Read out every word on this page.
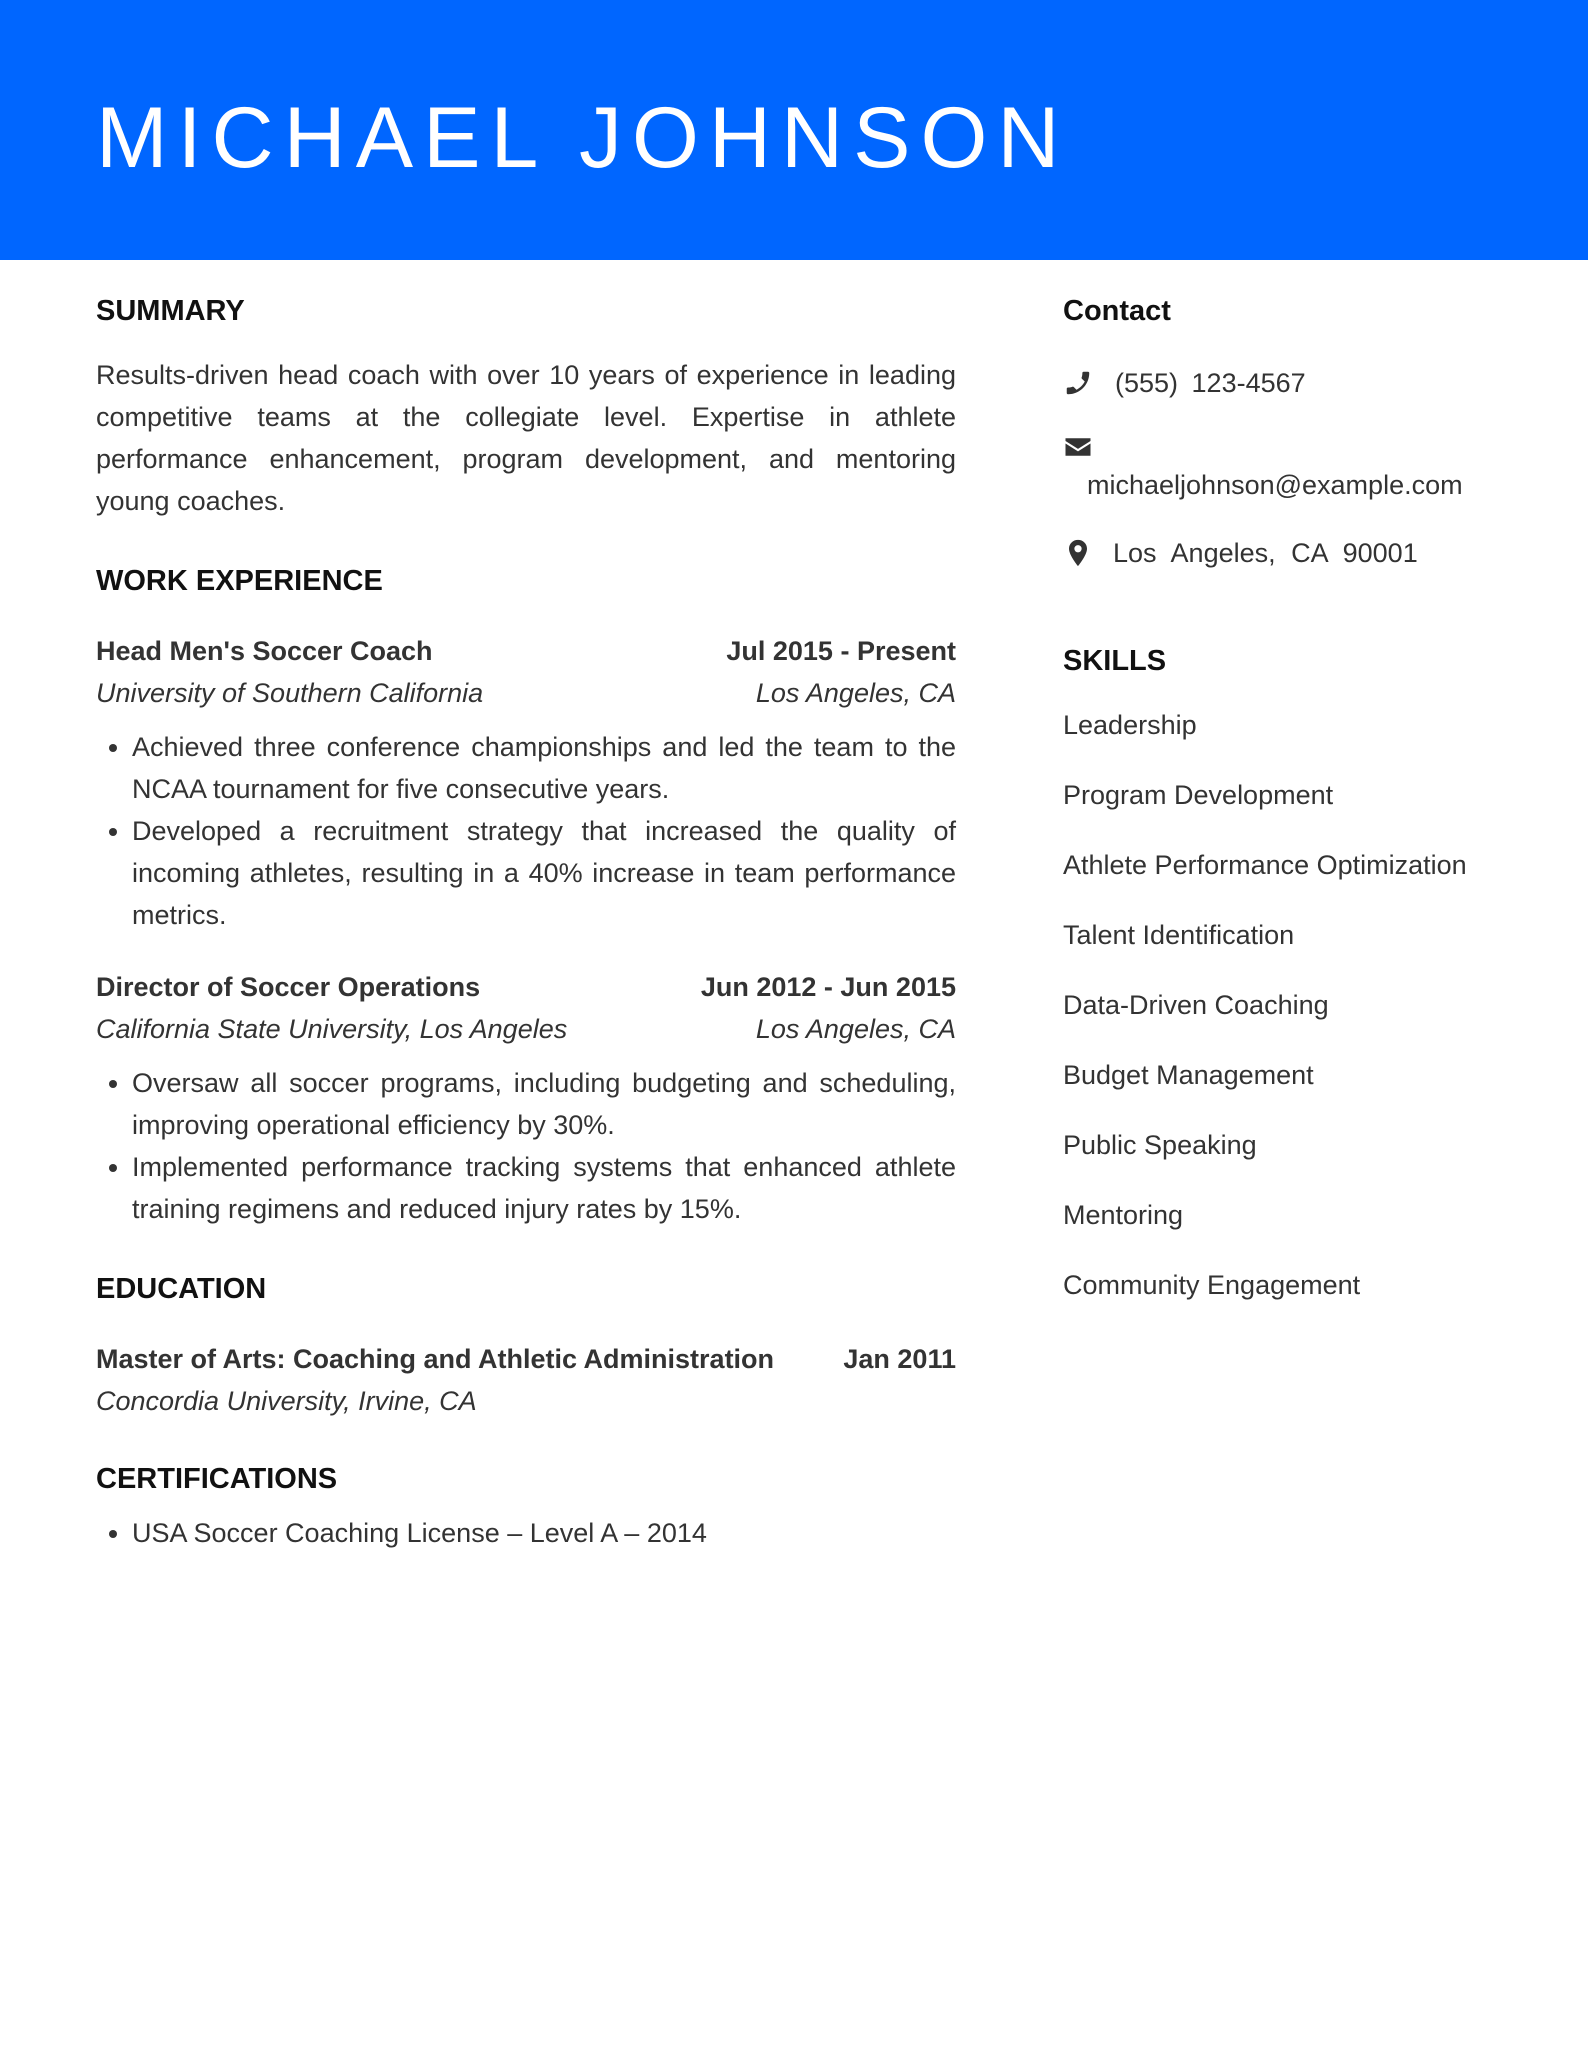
MICHAEL JOHNSON
SUMMARY

Results-driven head coach with over 10 years of experience in leading competitive teams at the collegiate level. Expertise in athlete performance enhancement, program development, and mentoring young coaches.

WORK EXPERIENCE
Head Men's Soccer Coach	Jul 2015 - Present
University of Southern California	Los Angeles, CA
• Achieved three conference championships and led the team to the NCAA tournament for five consecutive years.
• Developed a recruitment strategy that increased the quality of incoming athletes, resulting in a 40% increase in team performance metrics.
Director of Soccer Operations	Jun 2012 - Jun 2015
California State University, Los Angeles	Los Angeles, CA
• Oversaw all soccer programs, including budgeting and scheduling, improving operational efficiency by 30%.
• Implemented performance tracking systems that enhanced athlete training regimens and reduced injury rates by 15%.
EDUCATION
Master of Arts: Coaching and Athletic Administration	Jan 2011
Concordia University, Irvine, CA
CERTIFICATIONS
• USA Soccer Coaching License – Level A – 2014
Contact
(555) 123-4567
michaeljohnson@example.com
Los Angeles, CA 90001
SKILLS
Leadership
Program Development
Athlete Performance Optimization
Talent Identification
Data-Driven Coaching
Budget Management
Public Speaking
Mentoring
Community Engagement
